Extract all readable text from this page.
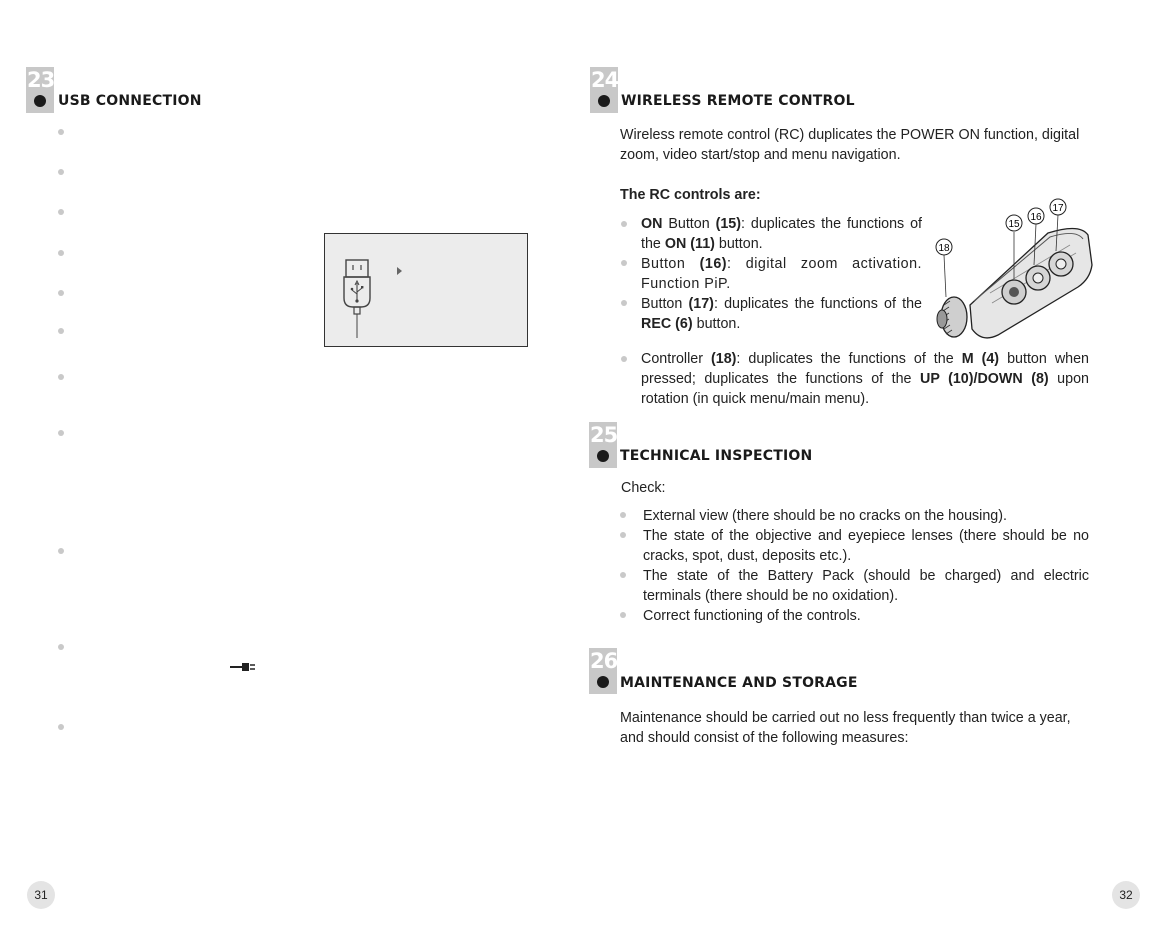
23
USB CONNECTION
31
24
WIRELESS REMOTE CONTROL
Wireless remote control (RC) duplicates the POWER ON function, digital zoom, video start/stop and menu navigation.
The RC controls are:
ON Button (15): duplicates the functions of the ON (11) button.
Button (16): digital zoom activation. Function PiP.
Button (17): duplicates the functions of the REC (6) button.
Controller (18): duplicates the functions of the M (4) button when pressed; duplicates the functions of the UP (10)/DOWN (8) upon rotation (in quick menu/main menu).
18
15
16
17
25
TECHNICAL INSPECTION
Check:
External view (there should be no cracks on the housing).
The state of the objective and eyepiece lenses (there should be no cracks, spot, dust, deposits etc.).
The state of the Battery Pack (should be charged) and electric terminals (there should be no oxidation).
Correct functioning of the controls.
26
MAINTENANCE AND STORAGE
Maintenance should be carried out no less frequently than twice a year, and should consist of the following measures:
32
